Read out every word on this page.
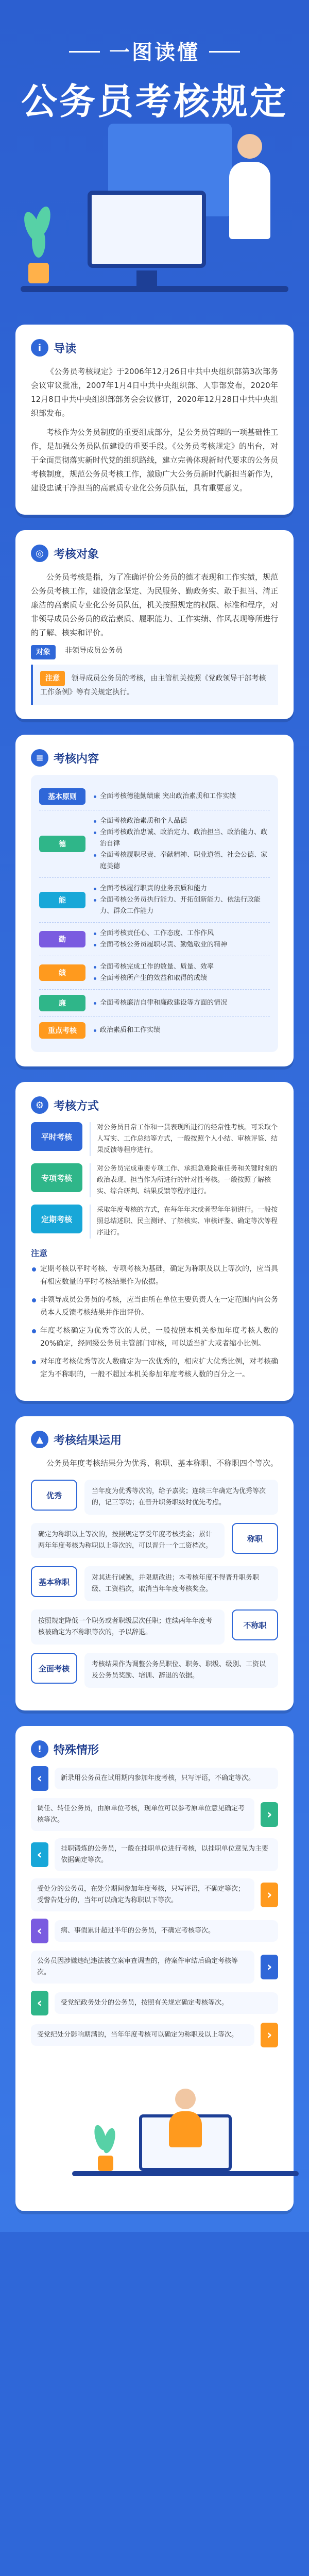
一图读懂
公务员考核规定
i	导读

《公务员考核规定》于2006年12月26日中共中央组织部第3次部务会议审议批准，2007年1月4日中共中央组织部、人事部发布，2020年12月8日中共中央组织部部务会会议修订，2020年12月28日中共中央组织部发布。

考核作为公务员制度的重要组成部分，是公务员管理的一项基础性工作，是加强公务员队伍建设的重要手段。《公务员考核规定》的出台，对于全面贯彻落实新时代党的组织路线，建立完善体现新时代要求的公务员考核制度，规范公务员考核工作，激励广大公务员新时代新担当新作为，建设忠诚干净担当的高素质专业化公务员队伍，具有重要意义。

◎ 考核对象

公务员考核是指，为了准确评价公务员的德才表现和工作实绩，规范公务员考核工作，建设信念坚定、为民服务、勤政务实、敢于担当、清正廉洁的高素质专业化公务员队伍，机关按照规定的权限、标准和程序，对非领导成员公务员的政治素质、履职能力、工作实绩、作风表现等所进行的了解、核实和评价。

对象	非领导成员公务员
注意 领导成员公务员的考核，由主管机关按照《党政领导干部考核工作条例》等有关规定执行。
≡ 考核内容
基本原则	全面考核德能勤绩廉 突出政治素质和工作实绩
德
全面考核政治素质和个人品德
全面考核政治忠诚、政治定力、政治担当、政治能力、政治自律
全面考核履职尽责、奉献精神、职业道德、社会公德、家庭美德
能
全面考核履行职责的业务素质和能力
全面考核公务员执行能力、开拓创新能力、依法行政能力、群众工作能力
勤
全面考核责任心、工作态度、工作作风
全面考核公务员履职尽责、勤勉敬业的精神
绩
全面考核完成工作的数量、质量、效率
全面考核所产生的效益和取得的成绩
廉	全面考核廉洁自律和廉政建设等方面的情况
重点考核	政治素质和工作实绩
⚙ 考核方式
平时考核
对公务员日常工作和一贯表现所进行的经常性考核。可采取个人写实、工作总结等方式，一般按照个人小结、审核评鉴、结果反馈等程序进行。
专项考核
对公务员完成重要专项工作、承担急难险重任务和关键时刻的政治表现、担当作为所进行的针对性考核。一般按照了解核实、综合研判、结果反馈等程序进行。
定期考核
采取年度考核的方式，在每年年末或者翌年年初进行。一般按照总结述职、民主测评、了解核实、审核评鉴、确定等次等程序进行。
注意
定期考核以平时考核、专项考核为基础，确定为称职及以上等次的，应当具有相应数量的平时考核结果作为依据。
非领导成员公务员的考核，应当由所在单位主要负责人在一定范围内向公务员本人反馈考核结果并作出评价。
年度考核确定为优秀等次的人员，一般按照本机关参加年度考核人数的20%确定，经同级公务员主管部门审核，可以适当扩大或者缩小比例。
对年度考核优秀等次人数确定为一次优秀的，相应扩大优秀比例，对考核确定为不称职的，一般不超过本机关参加年度考核人数的百分之一。
▲ 考核结果运用

公务员年度考核结果分为优秀、称职、基本称职、不称职四个等次。

优秀	当年度为优秀等次的，给予嘉奖；连续三年确定为优秀等次的，记三等功；在晋升职务职级时优先考虑。
称职
确定为称职以上等次的，按照规定享受年度考核奖金；累计两年年度考核为称职以上等次的，可以晋升一个工资档次。
基本称职	对其进行诫勉，并限期改进；本考核年度不得晋升职务职级、工资档次，取消当年年度考核奖金。
不称职
按照规定降低一个职务或者职级层次任职；连续两年年度考核被确定为不称职等次的，予以辞退。
全面考核	考核结果作为调整公务员职位、职务、职级、级别、工资以及公务员奖励、培训、辞退的依据。
!	特殊情形
‹	新录用公务员在试用期内参加年度考核，只写评语，不确定等次。
调任、转任公务员，由原单位考核，现单位可以参考原单位意见确定考核等次。	›
‹	挂职锻炼的公务员，一般在挂职单位进行考核，以挂职单位意见为主要依据确定等次。
受处分的公务员，在处分期间参加年度考核，只写评语，不确定等次；受警告处分的，当年可以确定为称职以下等次。	›
‹	病、事假累计超过半年的公务员，不确定考核等次。
公务员因涉嫌违纪违法被立案审查调查的，待案件审结后确定考核等次。	›
‹	受党纪政务处分的公务员，按照有关规定确定考核等次。
受党纪处分影响期满的，当年年度考核可以确定为称职及以上等次。	›
